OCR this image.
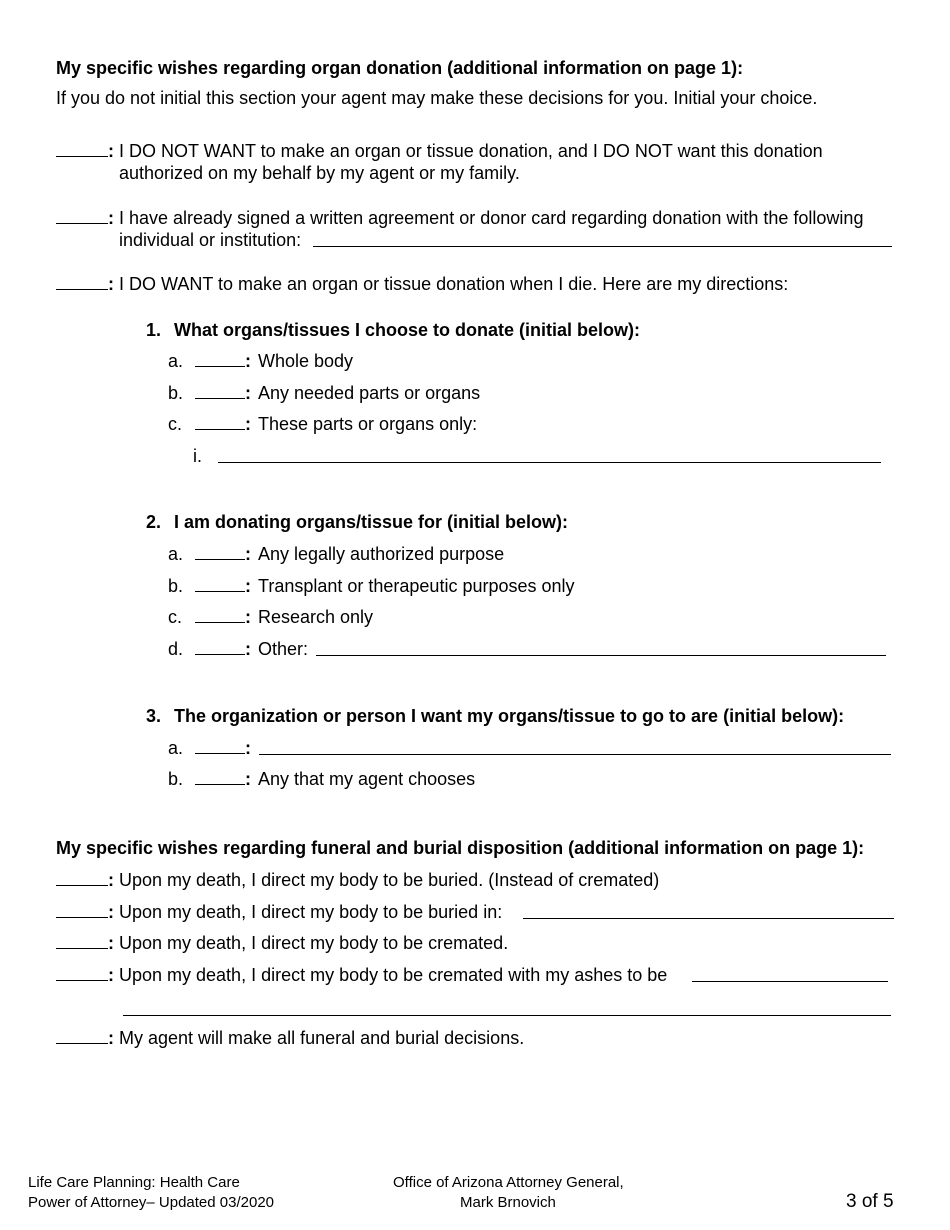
My specific wishes regarding organ donation (additional information on page 1):
If you do not initial this section your agent may make these decisions for you. Initial your choice.
: I DO NOT WANT to make an organ or tissue donation, and I DO NOT want this donation
authorized on my behalf by my agent or my family.
: I have already signed a written agreement or donor card regarding donation with the following
individual or institution:
: I DO WANT to make an organ or tissue donation when I die. Here are my directions:
1. What organs/tissues I choose to donate (initial below):
a.	: Whole body
b.	: Any needed parts or organs
c.	: These parts or organs only:
i.
2. I am donating organs/tissue for (initial below):
a.	: Any legally authorized purpose
b.	: Transplant or therapeutic purposes only
c.	: Research only
d.	: Other:
3. The organization or person I want my organs/tissue to go to are (initial below):
a.	:
b.	: Any that my agent chooses
My specific wishes regarding funeral and burial disposition (additional information on page 1):
: Upon my death, I direct my body to be buried. (Instead of cremated)
: Upon my death, I direct my body to be buried in:
: Upon my death, I direct my body to be cremated.
: Upon my death, I direct my body to be cremated with my ashes to be
: My agent will make all funeral and burial decisions.
Life Care Planning: Health Care
Power of Attorney– Updated 03/2020
Office of Arizona Attorney General,
Mark Brnovich	3 of 5
